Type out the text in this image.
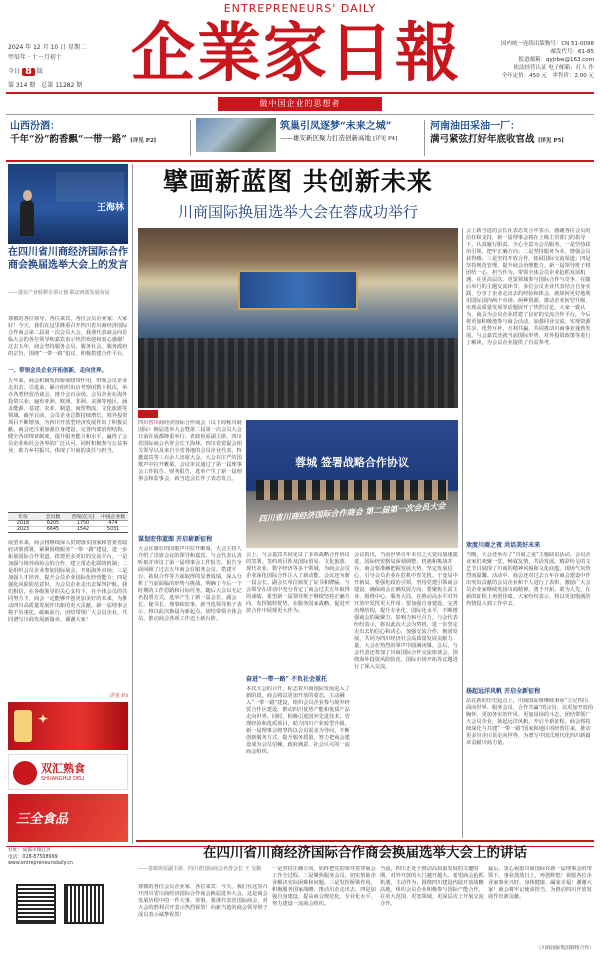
ENTREPRENEURS' DAILY
企業家日報
2024 年 12 月 10 日 星期二
甲辰年 · 十一月初十
今日 8 版
第 314 期　 总第 11282 期
国内统一连续出版物号：CN 51-0098
邮发代号：61-85
报道邮箱：qyjrbw@163.com
依法经营认证 电子邮箱：打人 作
全年定价：450 元　 零售价：2.00 元
做中国企业的思想者
山西汾酒：
千年“汾”韵香飘“一带一路” [详见 P2]
筑巢引凤逐梦“未来之城”
——雄安新区聚力打造创新高地 [详见 P4]
河南油田采油一厂：
满弓紧弦打好年底收官战 [详见 P5]
王海林
在四川省川商经济国际合作商会换届选举大会上的发言
——落实产业转移专项计划·联动西部发展布局
尊敬的各位领导、各位来宾、各位会员企业家：大家好！今天，我们在这里隆重召开四川省川商经济国际合作商会第二届第一次会员大会，我谨代表商会向莅临大会的各位领导和嘉宾表示热烈欢迎和衷心感谢！过去五年，商会坚持服务会员、服务社会、服务政府的宗旨，围绕“一带一路”倡议，积极搭建合作平台。
一、带领会员企业开拓创新，走向世界。
五年来，商会积极发挥桥梁纽带作用，带领会员企业走出去、引进来，累计组织出访考察团数十批次，举办各类经贸洽谈会、推介会百余场。会员企业在海外投资兴业，遍布亚洲、欧洲、非洲、美洲等地区，涵盖能源、基建、农业、制造、商贸物流、文化旅游等领域。截至目前，会员企业总数持续增长，境外投资项目不断增加，为四川开放型经济发展作出了积极贡献。商会还注重加强自身建设，完善内部治理结构，健全各项规章制度，提升服务能力和水平，赢得了会员企业和社会各界的广泛认可。同时积极参与公益事业，助力乡村振兴，体现了川商的责任与担当。
年份	会员数	营收(亿元)	中国企业数
2018	6205	1750	474
2023	6645	1542	5031
展望未来，商会将继续深入贯彻落实国家和省委省政府决策部署，紧紧围绕服务“一带一路”建设，进一步拓展国际合作渠道，搭建更多更好的交流平台。一是加强与境外商协会的合作，建立常态化联络机制；二是组织会员企业参加国际展会，开拓海外市场；三是加强人才培养，提升会员企业国际化经营能力；四是强化风险防范意识，为会员企业走出去保驾护航。我们相信，在各级领导的关心支持下，在全体会员的共同努力下，商会一定能够开创更加美好的未来，为推动四川高质量发展作出新的更大贡献。新一届理事会将不负重托，砥砺前行，团结带领广大会员企业，共同谱写川商发展新篇章。谢谢大家！
详见 P3
✦
双汇熟食
SHUANGHUI DELI
三全食品
社址：成都市锦江区
电话：028-87508999
www.entrepreneursdaily.cn
擘画新蓝图 共创新未来
川商国际换届选举大会在蓉成功举行
四川省川商经济国际合作商会（以下简称川商国际）换届选举大会暨第二届第一次会员大会日前在成都隆重举行。省政协原副主席、四川省国际商会名誉会长王海林，四川省贸促会相关领导以及来自全省各地的会员企业代表、特邀嘉宾等三百余人出席大会。大会在庄严的国歌声中拉开帷幕。会议审议通过了第一届理事会工作报告、财务报告，选举产生了新一届理事会和监事会，新当选会长作了表态发言。
谋划宏伟蓝图 开启崭新征程
大会在雄壮的国歌声中拉开帷幕，大会主持人介绍了出席会议的领导和嘉宾。与会代表认真听取并审议了第一届理事会工作报告。报告全面回顾了过去五年商会在服务会员、搭建平台、拓展合作等方面取得的显著成绩，深入分析了当前面临的形势与挑战，明确了今后一个时期的工作思路和目标任务。随后大会以无记名投票方式，选举产生了新一届会长、副会长、秘书长、理事和监事。新当选领导班子表示，将以此次换届为新起点，团结带领全体会员，推动商会各项工作迈上新台阶。
蓉城 签署战略合作协议
四川省川商经济国际合作商会 第二届第一次会员大会
会上，与会嘉宾共同见证了多项战略合作协议的签署。签约项目涉及国际贸易、文化旅游、现代农业、数字经济等多个领域，为商会会员企业深化国际合作注入了新动能。会议还为新一届会长、副会长单位颁发了证书和牌匾。与会领导在讲话中充分肯定了商会过去五年取得的成绩，希望新一届领导班子继续坚持正确方向，发挥独特优势，在服务国家战略、促进开放合作中展现更大作为。
奋进“一带一路” 不负社会重托
本次大会的召开，标志着川商国际发展进入了新阶段。商会将以更加开放的姿态，主动融入“一带一路”建设，组织会员企业参与境外经贸合作区建设，推动四川优势产能和优质产品走向世界。同时，积极引进国外先进技术、管理经验和优质项目，助力四川产业转型升级。新一届理事会将坚持以会员需求为导向，不断创新服务方式，提升服务质量，努力把商会建设成为会员信赖、政府满意、社会认可的一流商会组织。
会议指出，当前世界百年未有之大变局加速演进，国际经贸格局深刻调整，机遇和挑战并存。商会要准确把握发展大势，坚定发展信心，引导会员企业在危机中育先机、于变局中开新局。要强化政治引领，坚持党建引领商会建设，确保商会正确发展方向；要聚焦主责主业，围绕中心、服务大局，在推动高水平对外开放中发挥更大作用；要加强自身建设，完善治理结构，提升专业化、国际化水平，不断增强商会的凝聚力、影响力和号召力。与会代表纷纷表示，将以此次大会为契机，进一步坚定走出去的信心和决心，加强交流合作，抱团发展，共同为四川经济社会高质量发展贡献力量。大会在热烈的掌声中圆满闭幕。会后，与会代表还参加了川商国际合作交流座谈会，围绕海外投资风险防范、国际市场开拓等议题进行了深入交流。
会上新当选的会长在表态发言中表示，感谢各位会员的信任和支持，新一届理事会将在上级主管部门的指导下，认真履行职责，全心全意为会员服务。一是坚持政治引领，把牢正确方向；二是坚持服务为本，增强会员获得感；三是坚持开放合作，拓展国际交流渠道；四是坚持规范管理，提升商会治理能力。新一届领导班子将团结一心、担当作为，带领全体会员企业抢抓发展机遇，在更高层次、更宽领域参与国际合作与竞争。在随后举行的主题交流环节，多位会员企业代表结合自身实践，分享了企业走出去的经验和体会，就如何更好地利用国际国内两个市场、两种资源，推动企业转型升级、实现高质量发展等话题展开了热烈讨论。大家一致认为，商会为会员企业搭建了良好的交流合作平台，今后将更加积极地参与商会活动，加强同业交流，实现资源共享、优势互补、互利共赢，共同推动川商事业蓬勃发展。与会嘉宾还就当前国际形势、对外投资政策等进行了解读，为会员企业提供了有益参考。
欢度川商之夜 共话美好未来
当晚，大会还举办了“川商之夜”主题联谊活动。会员企业家们欢聚一堂，畅叙友情，共话发展。精彩纷呈的文艺节目展现了川商的精神风貌和文化底蕴，现场气氛热烈而温馨。活动中，商会还对过去五年在商会建设中作出突出贡献的会员企业和个人进行了表彰，激励广大会员企业家继续发扬川商精神，勇于开拓、敢为人先，在新的征程上再创佳绩。大家纷纷表示，将以更加饱满的热情投入到工作中去。
扬起远洋风帆 开启全新征程
站在新的历史起点上，川商国际将继续秉承“立足四川、面向世界、服务会员、合作共赢”的宗旨，以更加开放的胸怀、更加务实的作风、更加昂扬的斗志，团结带领广大会员企业，扬起远洋风帆，开启全新征程。商会将持续深化与共建“一带一路”国家和地区的经贸往来，推动更多川企川货走向世界，为谱写中国式现代化四川新篇章贡献川商力量。
在四川省川商经济国际合作商会换届选举大会上的讲话
——省政协原副主席、四川省国际商会名誉会长 王 吴勤
尊敬的各位会员企业家、各位来宾：今天，我们在这里召开四川省川商经济国际合作商会换届选举大会，这是商会发展历程中的一件大事、喜事。我谨代表省国际商会，对大会的胜利召开表示热烈祝贺！向新当选的商会领导班子成员表示诚挚祝贺！
一是坚持正确方向，始终把党的领导贯穿商会工作全过程。二是聚焦服务会员，切实帮助企业解决实际困难和问题。三是发挥桥梁作用，积极服务国家战略，推动川企走出去。四是加强自身建设，提高商会规范化、专业化水平，努力建设一流商会组织。
当前，四川正处于推动高质量发展的关键时期，对外开放的大门越开越大。希望商会抢抓机遇，主动作为，围绕四川建设内陆开放战略高地，组织会员企业积极参与国际产能合作，在更大范围、更宽领域、更深层次上开展交流合作。
最后，衷心祝愿川商国际在新一届理事会的带领下，事业蒸蒸日上，再创辉煌！祝愿各位企业家事业兴旺、身体健康、阖家幸福！谢谢大家！商会将牢记使命担当，为推动四川开放发展作出新贡献。
（川商国际集团联络合作）
